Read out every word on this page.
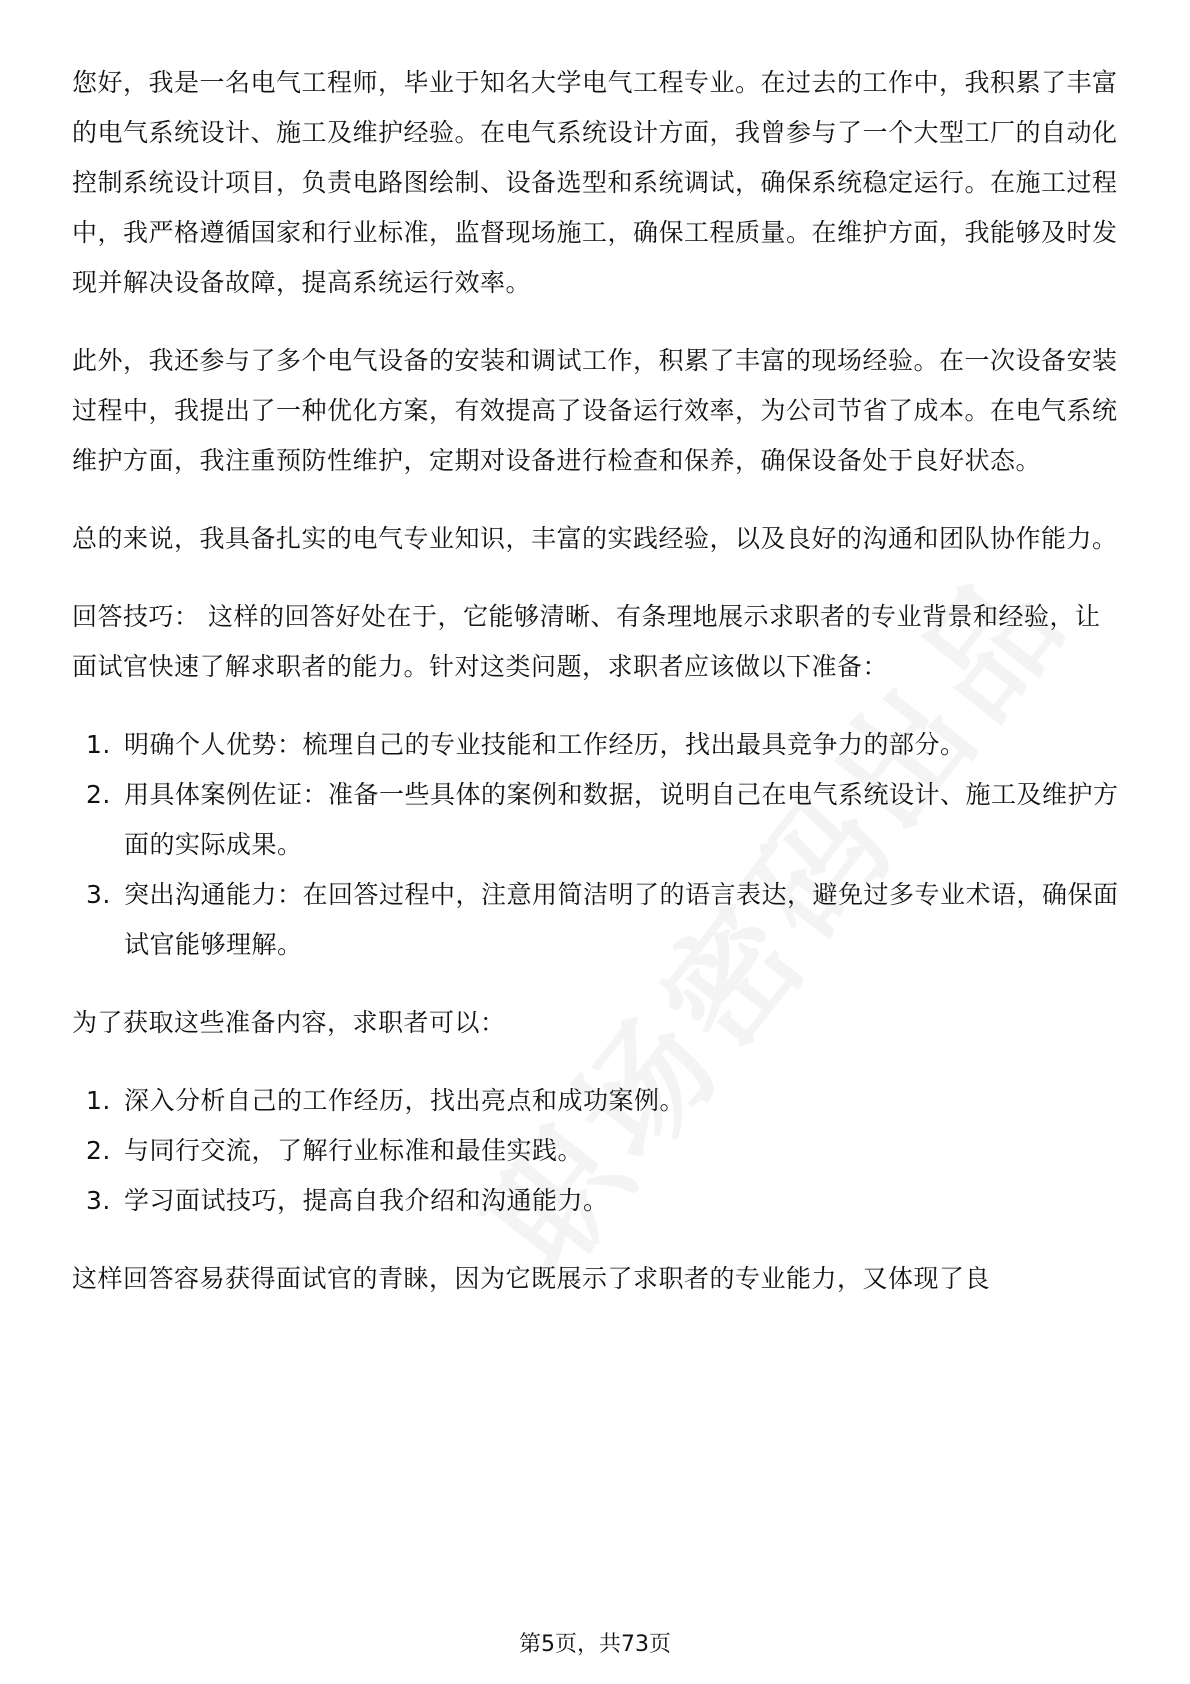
您好，我是一名电气工程师，毕业于知名大学电气工程专业。在过去的工作中，我积累了丰富的电气系统设计、施工及维护经验。在电气系统设计方面，我曾参与了一个大型工厂的自动化控制系统设计项目，负责电路图绘制、设备选型和系统调试，确保系统稳定运行。在施工过程中，我严格遵循国家和行业标准，监督现场施工，确保工程质量。在维护方面，我能够及时发现并解决设备故障，提高系统运行效率。

此外，我还参与了多个电气设备的安装和调试工作，积累了丰富的现场经验。在一次设备安装过程中，我提出了一种优化方案，有效提高了设备运行效率，为公司节省了成本。在电气系统维护方面，我注重预防性维护，定期对设备进行检查和保养，确保设备处于良好状态。

总的来说，我具备扎实的电气专业知识，丰富的实践经验，以及良好的沟通和团队协作能力。

回答技巧： 这样的回答好处在于，它能够清晰、有条理地展示求职者的专业背景和经验，让面试官快速了解求职者的能力。针对这类问题，求职者应该做以下准备：

1. 明确个人优势：梳理自己的专业技能和工作经历，找出最具竞争力的部分。
2. 用具体案例佐证：准备一些具体的案例和数据，说明自己在电气系统设计、施工及维护方面的实际成果。
3. 突出沟通能力：在回答过程中，注意用简洁明了的语言表达，避免过多专业术语，确保面试官能够理解。

为了获取这些准备内容，求职者可以：

1. 深入分析自己的工作经历，找出亮点和成功案例。
2. 与同行交流，了解行业标准和最佳实践。
3. 学习面试技巧，提高自我介绍和沟通能力。

这样回答容易获得面试官的青睐，因为它既展示了求职者的专业能力，又体现了良

第5页，共73页
